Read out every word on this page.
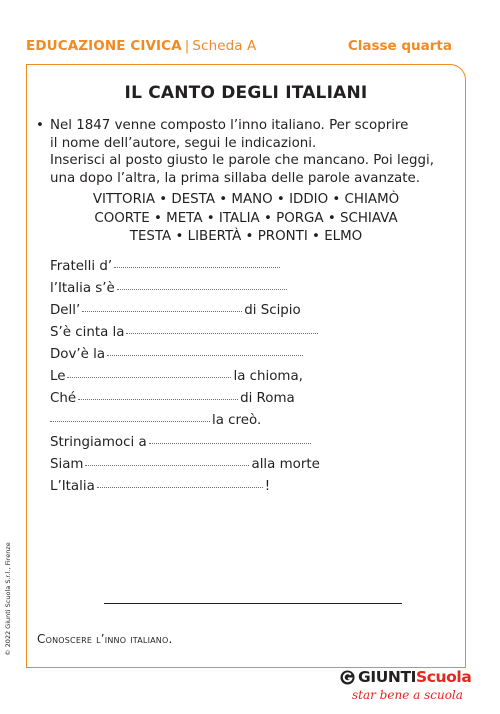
EDUCAZIONE CIVICA | Scheda A	Classe quarta
IL CANTO DEGLI ITALIANI
• Nel 1847 venne composto l’inno italiano. Per scoprire
il nome dell’autore, segui le indicazioni.
Inserisci al posto giusto le parole che mancano. Poi leggi,
una dopo l’altra, la prima sillaba delle parole avanzate.
VITTORIA • DESTA • MANO • IDDIO • CHIAMÒ
COORTE • META • ITALIA • PORGA • SCHIAVA
TESTA • LIBERTÀ • PRONTI • ELMO
Fratelli d’
l’Italia s’è
Dell’	di Scipio
S’è cinta la
Dov’è la
Le	la chioma,
Ché	di Roma
la creò.
Stringiamoci a
Siam	alla morte
L’Italia	!
Conoscere l’inno italiano.
© 2022 Giunti Scuola S.r.l., Firenze
GIUNTIScuola
star bene a scuola
